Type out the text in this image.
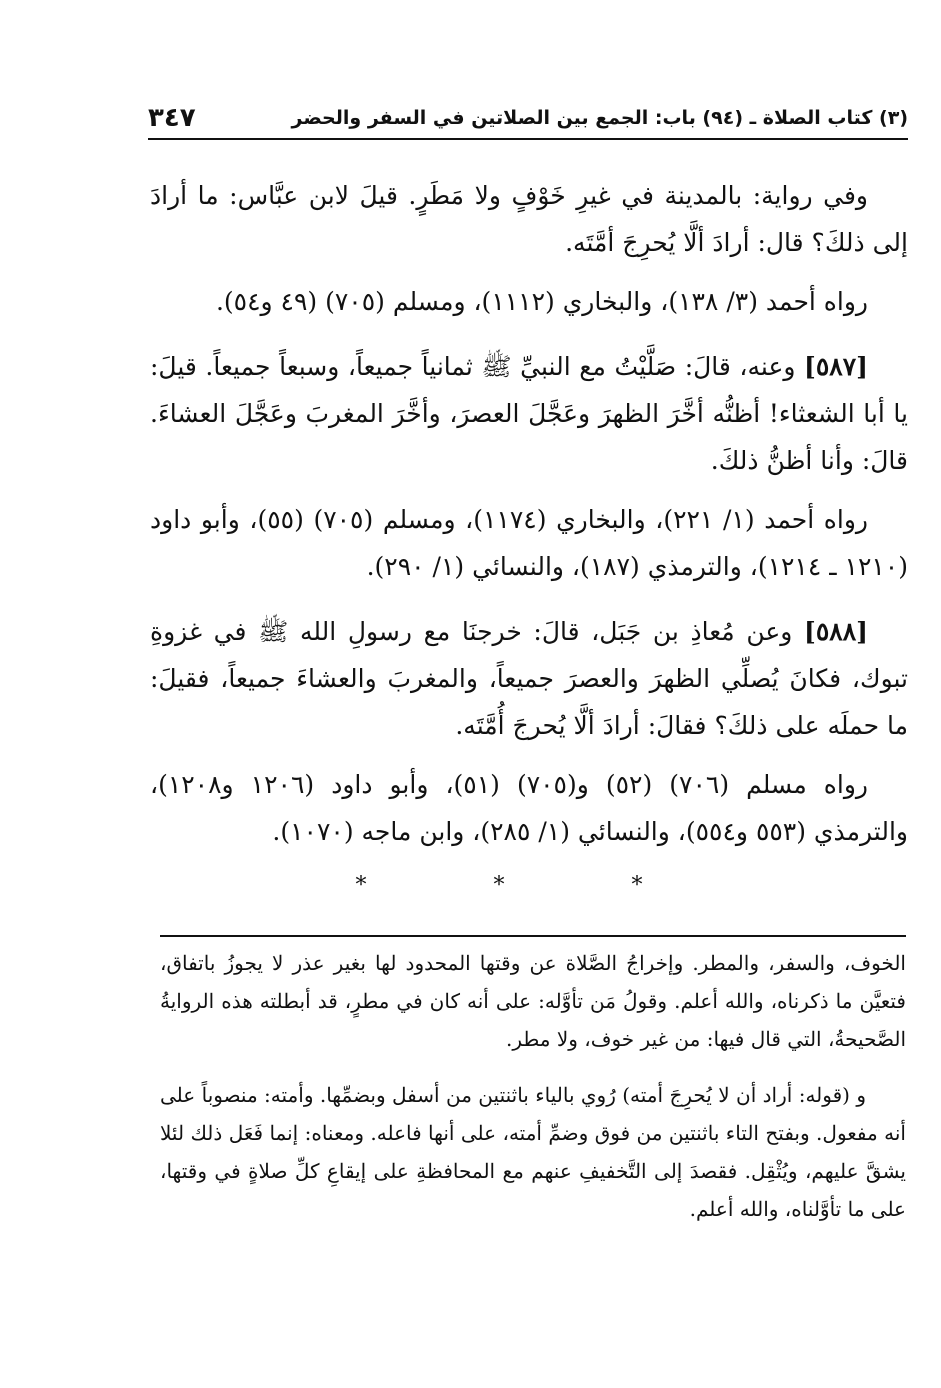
(٣) كتاب الصلاة ـ (٩٤) باب: الجمع بين الصلاتين في السفر والحضر
٣٤٧

وفي رواية: بالمدينة في غيرِ خَوْفٍ ولا مَطَرٍ. قيلَ لابن عبَّاس: ما أرادَ إلى ذلكَ؟ قال: أرادَ ألَّا يُحرِجَ أمَّتَه.

رواه أحمد (٣/ ١٣٨)، والبخاري (١١١٢)، ومسلم (٧٠٥) (٤٩ و٥٤).

[٥٨٧] وعنه، قالَ: صَلَّيْتُ مع النبيِّ ﷺ ثمانياً جميعاً، وسبعاً جميعاً. قيلَ: يا أبا الشعثاء! أظنُّه أخَّرَ الظهرَ وعَجَّلَ العصرَ، وأخَّرَ المغربَ وعَجَّلَ العشاءَ. قالَ: وأنا أظنُّ ذلكَ.

رواه أحمد (١/ ٢٢١)، والبخاري (١١٧٤)، ومسلم (٧٠٥) (٥٥)، وأبو داود (١٢١٠ ـ ١٢١٤)، والترمذي (١٨٧)، والنسائي (١/ ٢٩٠).

[٥٨٨] وعن مُعاذِ بن جَبَل، قالَ: خرجنَا مع رسولِ الله ﷺ في غزوةِ تبوك، فكانَ يُصلِّي الظهرَ والعصرَ جميعاً، والمغربَ والعشاءَ جميعاً، فقيلَ: ما حملَه على ذلكَ؟ فقالَ: أرادَ ألَّا يُحرجَ أُمَّتَه.

رواه مسلم (٧٠٦) (٥٢) و(٧٠٥) (٥١)، وأبو داود (١٢٠٦ و١٢٠٨)، والترمذي (٥٥٣ و٥٥٤)، والنسائي (١/ ٢٨٥)، وابن ماجه (١٠٧٠).

* * *

الخوف، والسفر، والمطر. وإخراجُ الصَّلاة عن وقتها المحدود لها بغير عذر لا يجوزُ باتفاق، فتعيَّن ما ذكرناه، والله أعلم. وقولُ مَن تأوَّله: على أنه كان في مطرٍ، قد أبطلته هذه الروايةُ الصَّحيحةُ، التي قال فيها: من غير خوف، ولا مطر.

و (قوله: أراد أن لا يُحرِجَ أمته) رُوي بالياء باثنتين من أسفل وبضمِّها. وأمته: منصوباً على أنه مفعول. وبفتح التاء باثنتين من فوق وضمِّ أمته، على أنها فاعله. ومعناه: إنما فَعَل ذلك لئلا يشقَّ عليهم، ويُثْقِل. فقصدَ إلى التَّخفيفِ عنهم مع المحافظةِ على إيقاعِ كلِّ صلاةٍ في وقتها، على ما تأوَّلناه، والله أعلم.
